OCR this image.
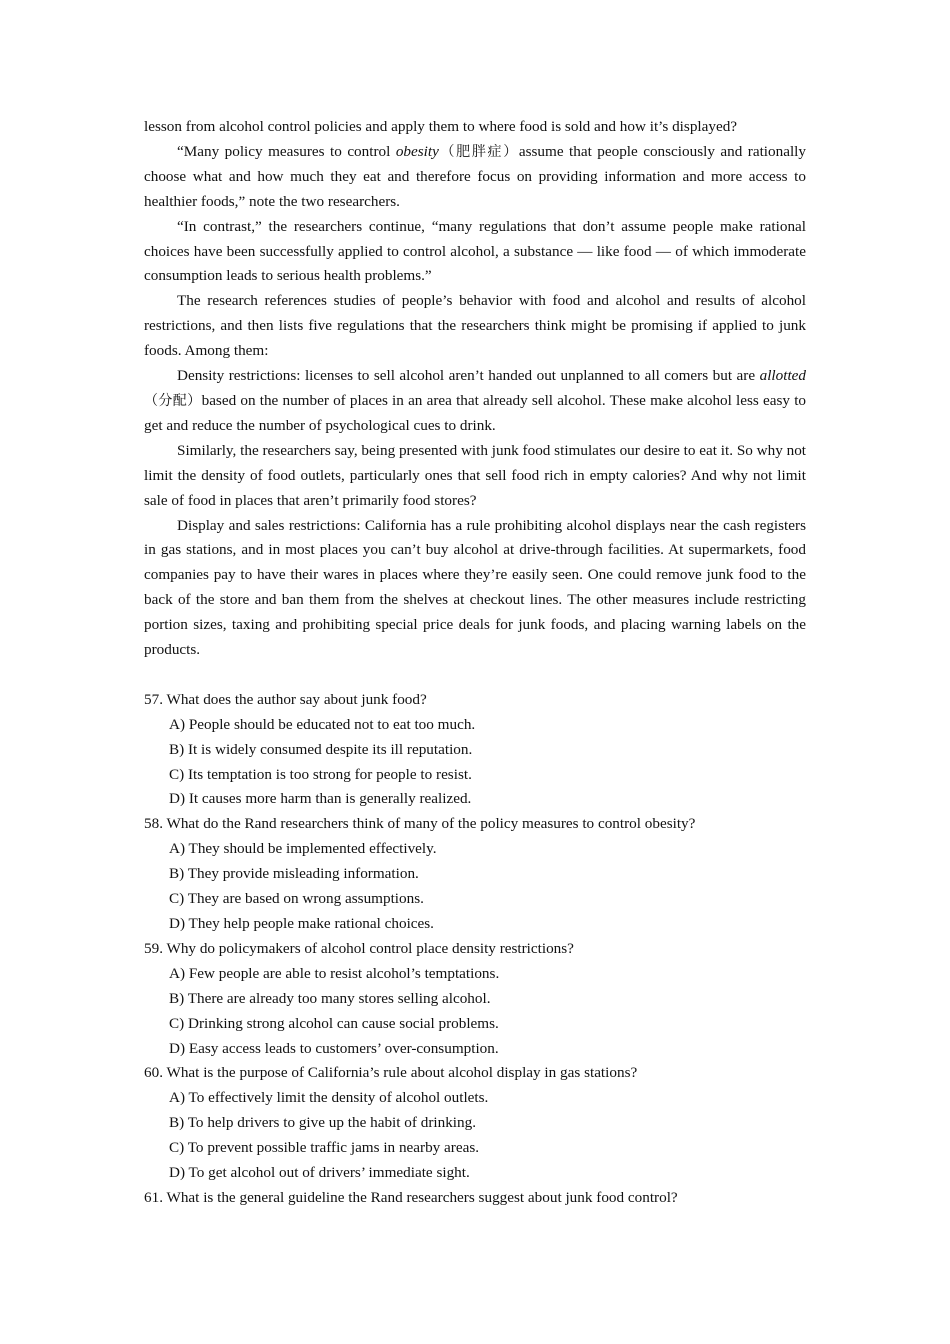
lesson from alcohol control policies and apply them to where food is sold and how it’s displayed?

“Many policy measures to control obesity（肥胖症）assume that people consciously and rationally choose what and how much they eat and therefore focus on providing information and more access to healthier foods,” note the two researchers.

“In contrast,” the researchers continue, “many regulations that don’t assume people make rational choices have been successfully applied to control alcohol, a substance — like food — of which immoderate consumption leads to serious health problems.”

The research references studies of people’s behavior with food and alcohol and results of alcohol restrictions, and then lists five regulations that the researchers think might be promising if applied to junk foods. Among them:

Density restrictions: licenses to sell alcohol aren’t handed out unplanned to all comers but are allotted（分配）based on the number of places in an area that already sell alcohol. These make alcohol less easy to get and reduce the number of psychological cues to drink.

Similarly, the researchers say, being presented with junk food stimulates our desire to eat it. So why not limit the density of food outlets, particularly ones that sell food rich in empty calories? And why not limit sale of food in places that aren’t primarily food stores?

Display and sales restrictions: California has a rule prohibiting alcohol displays near the cash registers in gas stations, and in most places you can’t buy alcohol at drive-through facilities. At supermarkets, food companies pay to have their wares in places where they’re easily seen. One could remove junk food to the back of the store and ban them from the shelves at checkout lines. The other measures include restricting portion sizes, taxing and prohibiting special price deals for junk foods, and placing warning labels on the products.

57. What does the author say about junk food?

A) People should be educated not to eat too much.

B) It is widely consumed despite its ill reputation.

C) Its temptation is too strong for people to resist.

D) It causes more harm than is generally realized.

58. What do the Rand researchers think of many of the policy measures to control obesity?

A) They should be implemented effectively.

B) They provide misleading information.

C) They are based on wrong assumptions.

D) They help people make rational choices.

59. Why do policymakers of alcohol control place density restrictions?

A) Few people are able to resist alcohol’s temptations.

B) There are already too many stores selling alcohol.

C) Drinking strong alcohol can cause social problems.

D) Easy access leads to customers’ over-consumption.

60. What is the purpose of California’s rule about alcohol display in gas stations?

A) To effectively limit the density of alcohol outlets.

B) To help drivers to give up the habit of drinking.

C) To prevent possible traffic jams in nearby areas.

D) To get alcohol out of drivers’ immediate sight.

61. What is the general guideline the Rand researchers suggest about junk food control?
